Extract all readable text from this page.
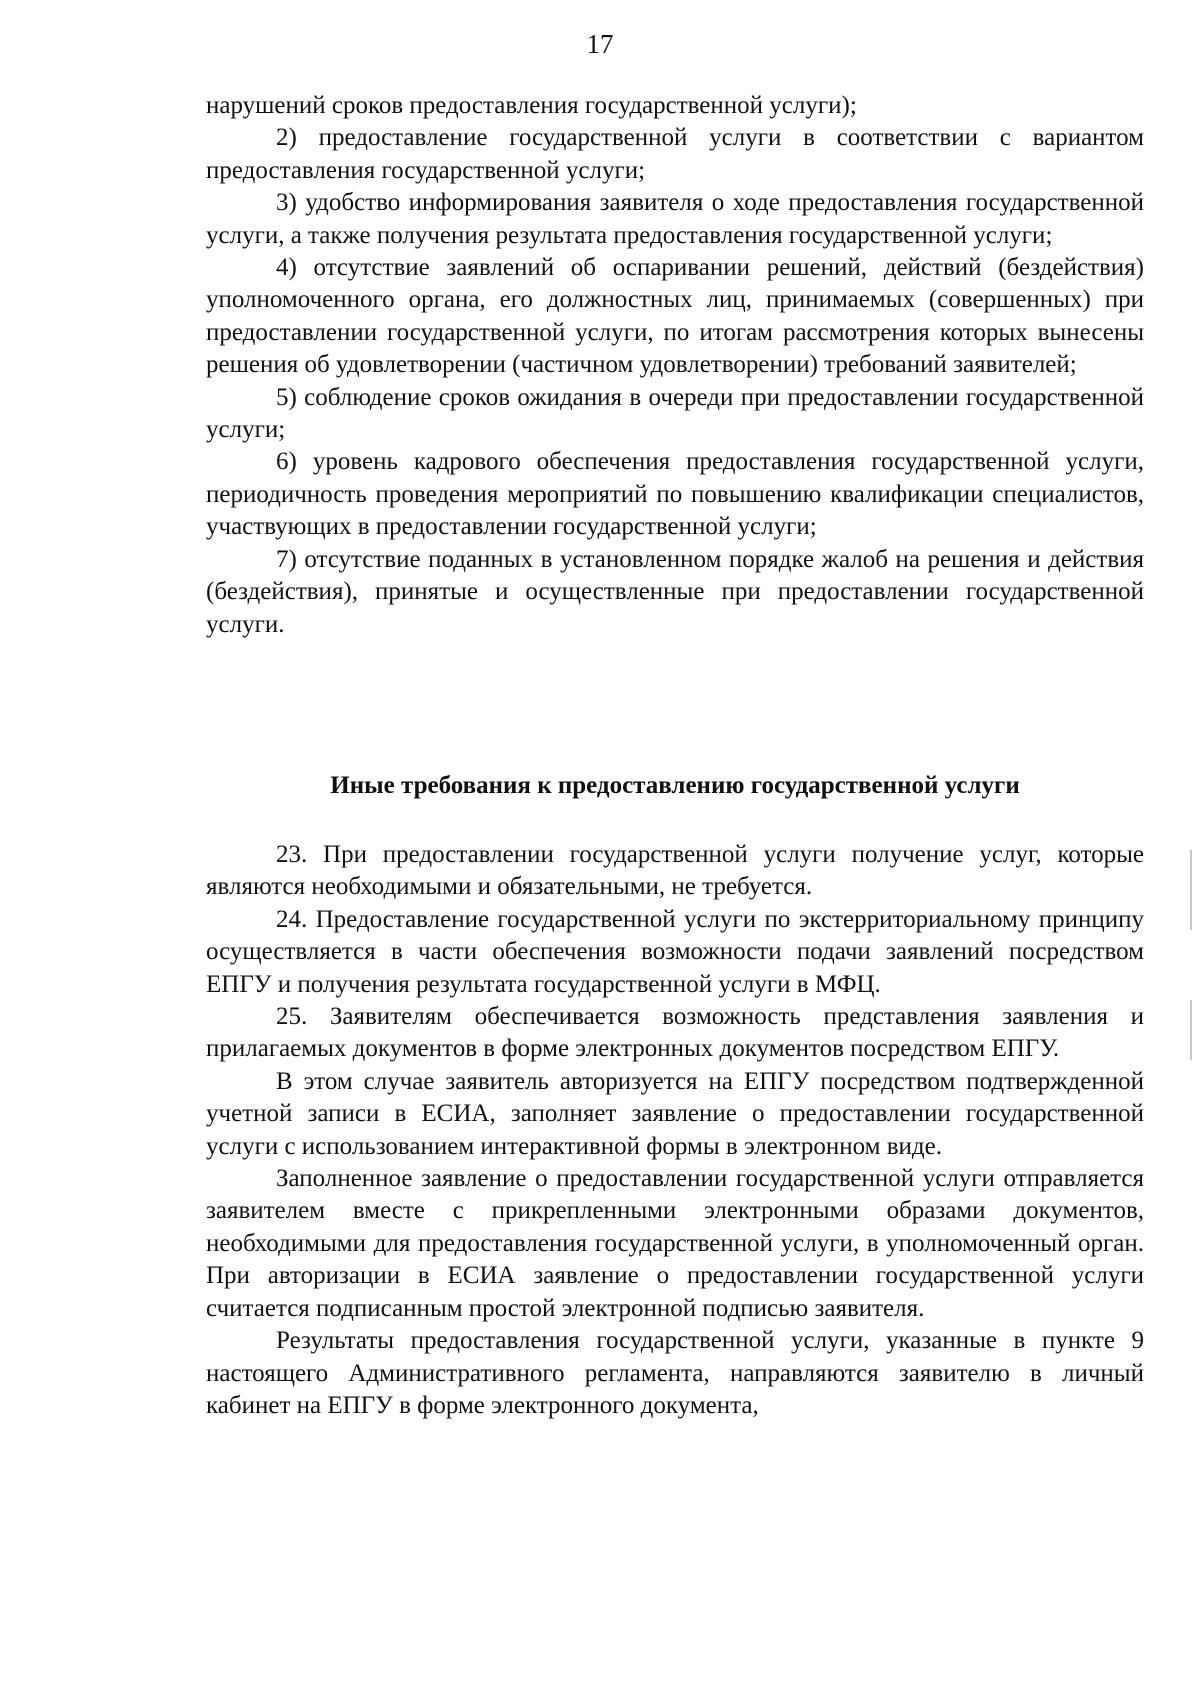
17

нарушений сроков предоставления государственной услуги);

2) предоставление государственной услуги в соответствии с вариантом предоставления государственной услуги;

3) удобство информирования заявителя о ходе предоставления государственной услуги, а также получения результата предоставления государственной услуги;

4) отсутствие заявлений об оспаривании решений, действий (бездействия) уполномоченного органа, его должностных лиц, принимаемых (совершенных) при предоставлении государственной услуги, по итогам рассмотрения которых вынесены решения об удовлетворении (частичном удовлетворении) требований заявителей;

5) соблюдение сроков ожидания в очереди при предоставлении государственной услуги;

6) уровень кадрового обеспечения предоставления государственной услуги, периодичность проведения мероприятий по повышению квалификации специалистов, участвующих в предоставлении государственной услуги;

7) отсутствие поданных в установленном порядке жалоб на решения и действия (бездействия), принятые и осуществленные при предоставлении государственной услуги.

Иные требования к предоставлению государственной услуги

23. При предоставлении государственной услуги получение услуг, которые являются необходимыми и обязательными, не требуется.

24. Предоставление государственной услуги по экстерриториальному принципу осуществляется в части обеспечения возможности подачи заявлений посредством ЕПГУ и получения результата государственной услуги в МФЦ.

25. Заявителям обеспечивается возможность представления заявления и прилагаемых документов в форме электронных документов посредством ЕПГУ.

В этом случае заявитель авторизуется на ЕПГУ посредством подтвержденной учетной записи в ЕСИА, заполняет заявление о предоставлении государственной услуги с использованием интерактивной формы в электронном виде.

Заполненное заявление о предоставлении государственной услуги отправляется заявителем вместе с прикрепленными электронными образами документов, необходимыми для предоставления государственной услуги, в уполномоченный орган. При авторизации в ЕСИА заявление о предоставлении государственной услуги считается подписанным простой электронной подписью заявителя.

Результаты предоставления государственной услуги, указанные в пункте 9 настоящего Административного регламента, направляются заявителю в личный кабинет на ЕПГУ в форме электронного документа,
